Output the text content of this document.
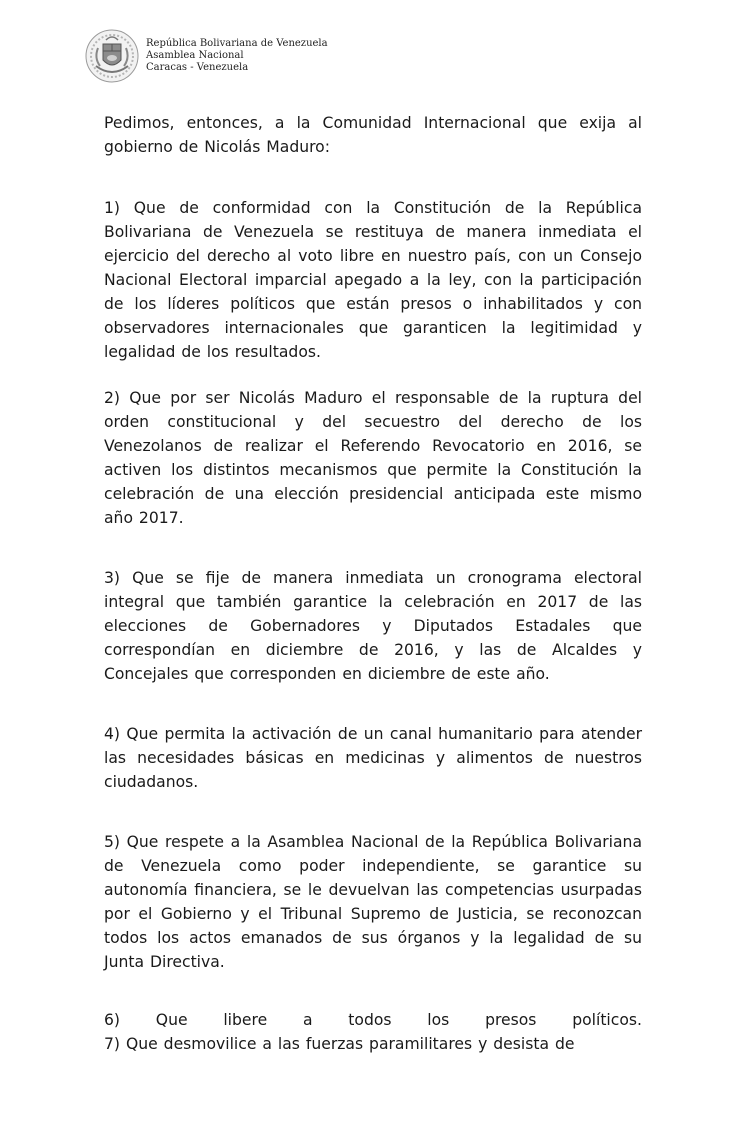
República Bolivariana de Venezuela
Asamblea Nacional
Caracas - Venezuela

Pedimos, entonces, a la Comunidad Internacional que exija al gobierno de Nicolás Maduro:

1) Que de conformidad con la Constitución de la República Bolivariana de Venezuela se restituya de manera inmediata el ejercicio del derecho al voto libre en nuestro país, con un Consejo Nacional Electoral imparcial apegado a la ley, con la participación de los líderes políticos que están presos o inhabilitados y con observadores internacionales que garanticen la legitimidad y legalidad de los resultados.

2) Que por ser Nicolás Maduro el responsable de la ruptura del orden constitucional y del secuestro del derecho de los Venezolanos de realizar el Referendo Revocatorio en 2016, se activen los distintos mecanismos que permite la Constitución la celebración de una elección presidencial anticipada este mismo año 2017.

3) Que se fije de manera inmediata un cronograma electoral integral que también garantice la celebración en 2017 de las elecciones de Gobernadores y Diputados Estadales que correspondían en diciembre de 2016, y las de Alcaldes y Concejales que corresponden en diciembre de este año.

4) Que permita la activación de un canal humanitario para atender las necesidades básicas en medicinas y alimentos de nuestros ciudadanos.

5) Que respete a la Asamblea Nacional de la República Bolivariana de Venezuela como poder independiente, se garantice su autonomía financiera, se le devuelvan las competencias usurpadas por el Gobierno y el Tribunal Supremo de Justicia, se reconozcan todos los actos emanados de sus órganos y la legalidad de su Junta Directiva.

6) Que libere a todos los presos políticos.
7) Que desmovilice a las fuerzas paramilitares y desista de
